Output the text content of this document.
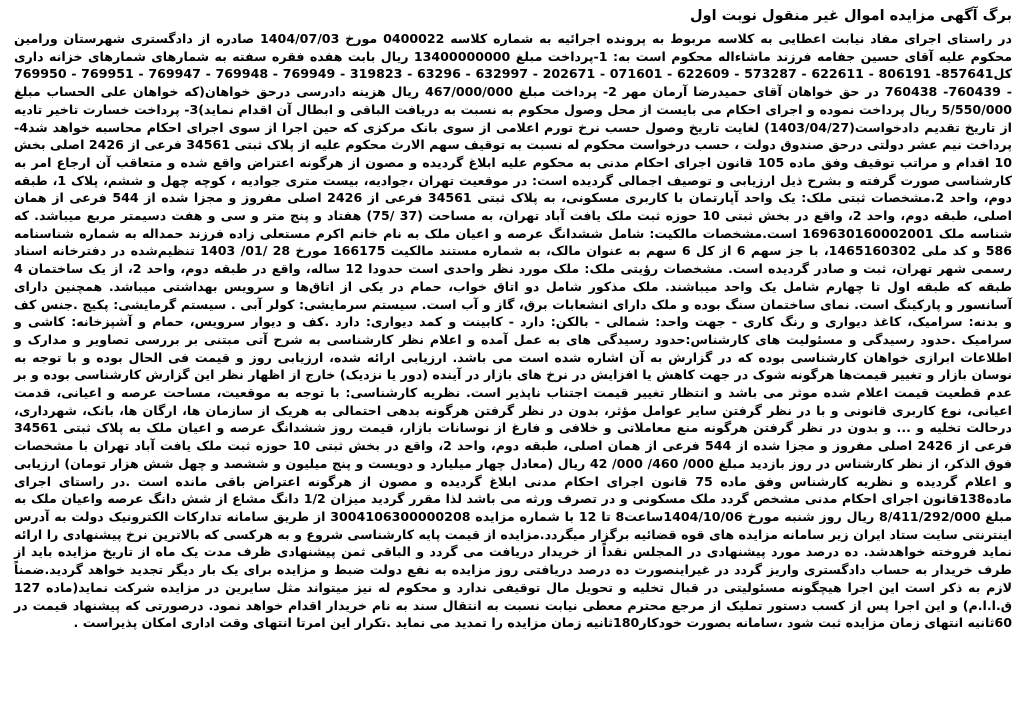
برگ آگهی مزایده اموال غیر منقول نوبت اول

در راستای اجرای مفاد نیابت اعطایی به کلاسه مربوط به پرونده اجرائیه به شماره کلاسه 0400022 مورخ 1404/07/03 صادره از دادگستری شهرستان ورامین محکوم علیه آقای حسین جفامه فرزند ماشاءاله محکوم است به: 1-پرداخت مبلغ 13400000000 ریال بابت هفده فقره سفته به شمارهای شمارهای خزانه داری کل857641- 806191 - 622611 - 573287 - 622609 - 071601 - 202671 - 632997 - 63296 - 319823 - 769949 - 769948 - 769947 - 769951 - 769950 - 760439- 760438 در حق خواهان آقای حمیدرضا آرمان مهر 2- پرداخت مبلغ 467/000/000 ریال هزینه دادرسی درحق خواهان(که خواهان علی الحساب مبلغ 5/550/000 ریال پرداخت نموده و اجرای احکام می بایست از محل وصول محکوم به نسبت به دریافت الباقی و ابطال آن اقدام نماید)3- پرداخت خسارت تاخیر تادیه از تاریخ تقدیم دادخواست(1403/04/27) لغایت تاریخ وصول حسب نرخ تورم اعلامی از سوی بانک مرکزی که حین اجرا از سوی اجرای احکام محاسبه خواهد شد4-پرداخت نیم عشر دولتی درحق صندوق دولت ، حسب درخواست محکوم له نسبت به توقیف سهم الارث محکوم علیه از پلاک ثبتی 34561 فرعی از 2426 اصلی بخش 10 اقدام و مراتب توقیف وفق ماده 105 قانون اجرای احکام مدنی به محکوم علیه ابلاغ گردیده و مصون از هرگونه اعتراض واقع شده و متعاقب آن ارجاع امر به کارشناسی صورت گرفته و بشرح ذیل ارزیابی و توصیف اجمالی گردیده است: در موقعیت تهران ،جوادیه، بیست متری جوادیه ، کوچه چهل و ششم، پلاک 1، طبقه دوم، واحد 2.مشخصات ثبتی ملک: یک واحد آپارتمان با کاربری مسکونی، به پلاک ثبتی 34561 فرعی از 2426 اصلی مفروز و مجزا شده از 544 فرعی از همان اصلی، طبقه دوم، واحد 2، واقع در بخش ثبتی 10 حوزه ثبت ملک یافت آباد تهران، به مساحت (37 /75) هفتاد و پنج متر و سی و هفت دسیمتر مربع میباشد. که شناسه ملک 169630160002001 است.مشخصات مالکیت: شامل ششدانگ عرصه و اعیان ملک به نام خانم اکرم مستعلی زاده فرزند حمداله به شماره شناسنامه 586 و کد ملی 1465160302، با جز سهم 6 از کل 6 سهم به عنوان مالک، به شماره مستند مالکیت 166175 مورخ 28 /01/ 1403 تنظیم‌شده در دفترخانه اسناد رسمی شهر تهران، ثبت و صادر گردیده است. مشخصات رؤیتی ملک: ملک مورد نظر واحدی است حدودا 12 ساله، واقع در طبقه دوم، واحد 2، از یک ساختمان 4 طبقه که طبقه اول تا چهارم شامل یک واحد میباشند. ملک مذکور شامل دو اتاق خواب، حمام در یکی از اتاق‌ها و سرویس بهداشتی میباشد. همچنین دارای آسانسور و پارکینگ است. نمای ساختمان سنگ بوده و ملک دارای انشعابات برق، گاز و آب است. سیستم سرمایشی: کولر آبی . سیستم گرمایشی: پکیج .جنس کف و بدنه: سرامیک، کاغذ دیواری و رنگ کاری - جهت واحد: شمالی - بالکن: دارد - کابینت و کمد دیواری: دارد .کف و دیوار سرویس، حمام و آشپزخانه: کاشی و سرامیک .حدود رسیدگی و مسئولیت های کارشناس:حدود رسیدگی های به عمل آمده و اعلام نظر کارشناسی به شرح آتی مبتنی بر بررسی تصاویر و مدارک و اطلاعات ابرازی خواهان کارشناسی بوده که در گزارش به آن اشاره شده است می باشد. ارزیابی ارائه شده، ارزیابی روز و قیمت فی الحال بوده و با توجه به نوسان بازار و تغییر قیمت‌ها هرگونه شوک در جهت کاهش یا افزایش در نرخ های بازار در آینده (دور یا نزدیک) خارج از اظهار نظر این گزارش کارشناسی بوده و بر عدم قطعیت قیمت اعلام شده موثر می باشد و انتظار تغییر قیمت اجتناب ناپذیر است. نظریه کارشناسی: با توجه به موقعیت، مساحت عرصه و اعیانی، قدمت اعیانی، نوع کاربری قانونی و با در نظر گرفتن سایر عوامل مؤثر، بدون در نظر گرفتن هرگونه بدهی احتمالی به هریک از سازمان ها، ارگان ها، بانک، شهرداری، درحالت تخلیه و ... و بدون در نظر گرفتن هرگونه منع معاملاتی و خلافی و فارغ از نوسانات بازار، قیمت روز ششدانگ عرصه و اعیان ملک به پلاک ثبتی 34561 فرعی از 2426 اصلی مفروز و مجزا شده از 544 فرعی از همان اصلی، طبقه دوم، واحد 2، واقع در بخش ثبتی 10 حوزه ثبت ملک یافت آباد تهران با مشخصات فوق الذکر، از نظر کارشناس در روز بازدید مبلغ 000/ 460/ 000/ 42 ریال (معادل چهار میلیارد و دویست و پنج میلیون و ششصد و چهل شش هزار تومان) ارزیابی و اعلام گردیده و نظریه کارشناس وفق ماده 75 قانون اجرای احکام مدنی ابلاغ گردیده و مصون از هرگونه اعتراض باقی مانده است .در راستای اجرای ماده138قانون اجرای احکام مدنی مشخص گردد ملک مسکونی و در تصرف ورثه می باشد لذا مقرر گردید میزان 1/2 دانگ مشاع از شش دانگ عرصه واعیان ملک به مبلغ 8/411/292/000 ریال روز شنبه مورخ 1404/10/06ساعت8 تا 12 با شماره مزایده 3004106300000208 از طریق سامانه تدارکات الکترونیک دولت به آدرس اینترنتی سایت ستاد ایران زیر سامانه مزایده های قوه قضائیه برگزار میگردد.مزایده از قیمت پایه کارشناسی شروع و به هرکسی که بالاترین نرخ پیشنهادی را ارائه نماید فروخته خواهدشد. ده درصد مورد پیشنهادی در المجلس نقداً از خریدار دریافت می گردد و الباقی ثمن پیشنهادی ظرف مدت یک ماه از تاریخ مزایده باید از طرف خریدار به حساب دادگستری واریز گردد در غیراینصورت ده درصد دریافتی روز مزایده به نفع دولت ضبط و مزایده برای یک بار دیگر تجدید خواهد گردید.ضمناً لازم به ذکر است این اجرا هیچگونه مسئولیتی در قبال تخلیه و تحویل مال توقیفی ندارد و محکوم له نیز میتواند مثل سایرین در مزایده شرکت نماید(ماده 127 ق.ا.ا.م) و این اجرا پس از کسب دستور تملیک از مرجع محترم معطی نیابت نسبت به انتقال سند به نام خریدار اقدام خواهد نمود. درصورتی که پیشنهاد قیمت در 60ثانیه انتهای زمان مزایده ثبت شود ،سامانه بصورت خودکار180ثانیه زمان مزایده را تمدید می نماید .تکرار این امرتا انتهای وقت اداری امکان پذیراست .
